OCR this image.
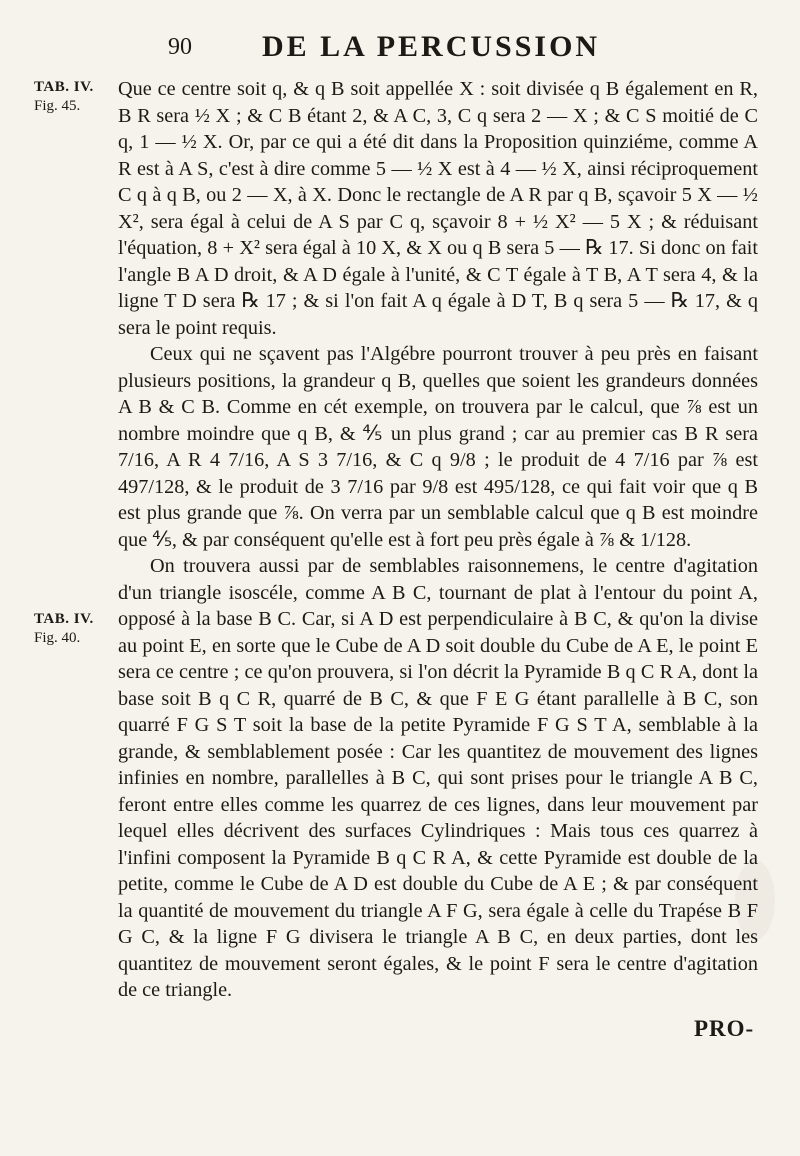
90 DE LA PERCUSSION
TAB. IV.
Fig. 45.
TAB. IV.
Fig. 40.

Que ce centre soit q, & q B soit appellée X : soit divisée q B également en R, B R sera ½ X ; & C B étant 2, & A C, 3, C q sera 2 — X ; & C S moitié de C q, 1 — ½ X. Or, par ce qui a été dit dans la Proposition quinziéme, comme A R est à A S, c'est à dire comme 5 — ½ X est à 4 — ½ X, ainsi réciproquement C q à q B, ou 2 — X, à X. Donc le rectangle de A R par q B, sçavoir 5 X — ½ X², sera égal à celui de A S par C q, sçavoir 8 + ½ X² — 5 X ; & réduisant l'équation, 8 + X² sera égal à 10 X, & X ou q B sera 5 — ℞ 17. Si donc on fait l'angle B A D droit, & A D égale à l'unité, & C T égale à T B, A T sera 4, & la ligne T D sera ℞ 17 ; & si l'on fait A q égale à D T, B q sera 5 — ℞ 17, & q sera le point requis.

Ceux qui ne sçavent pas l'Algébre pourront trouver à peu près en faisant plusieurs positions, la grandeur q B, quelles que soient les grandeurs données A B & C B. Comme en cét exemple, on trouvera par le calcul, que ⅞ est un nombre moindre que q B, & ⅘ un plus grand ; car au premier cas B R sera 7/16, A R 4 7/16, A S 3 7/16, & C q 9/8 ; le produit de 4 7/16 par ⅞ est 497/128, & le produit de 3 7/16 par 9/8 est 495/128, ce qui fait voir que q B est plus grande que ⅞. On verra par un semblable calcul que q B est moindre que ⅘, & par conséquent qu'elle est à fort peu près égale à ⅞ & 1/128.

On trouvera aussi par de semblables raisonnemens, le centre d'agitation d'un triangle isoscéle, comme A B C, tournant de plat à l'entour du point A, opposé à la base B C. Car, si A D est perpendiculaire à B C, & qu'on la divise au point E, en sorte que le Cube de A D soit double du Cube de A E, le point E sera ce centre ; ce qu'on prouvera, si l'on décrit la Pyramide B q C R A, dont la base soit B q C R, quarré de B C, & que F E G étant parallelle à B C, son quarré F G S T soit la base de la petite Pyramide F G S T A, semblable à la grande, & semblablement posée : Car les quantitez de mouvement des lignes infinies en nombre, parallelles à B C, qui sont prises pour le triangle A B C, feront entre elles comme les quarrez de ces lignes, dans leur mouvement par lequel elles décrivent des surfaces Cylindriques : Mais tous ces quarrez à l'infini composent la Pyramide B q C R A, & cette Pyramide est double de la petite, comme le Cube de A D est double du Cube de A E ; & par conséquent la quantité de mouvement du triangle A F G, sera égale à celle du Trapése B F G C, & la ligne F G divisera le triangle A B C, en deux parties, dont les quantitez de mouvement seront égales, & le point F sera le centre d'agitation de ce triangle.

PRO-
